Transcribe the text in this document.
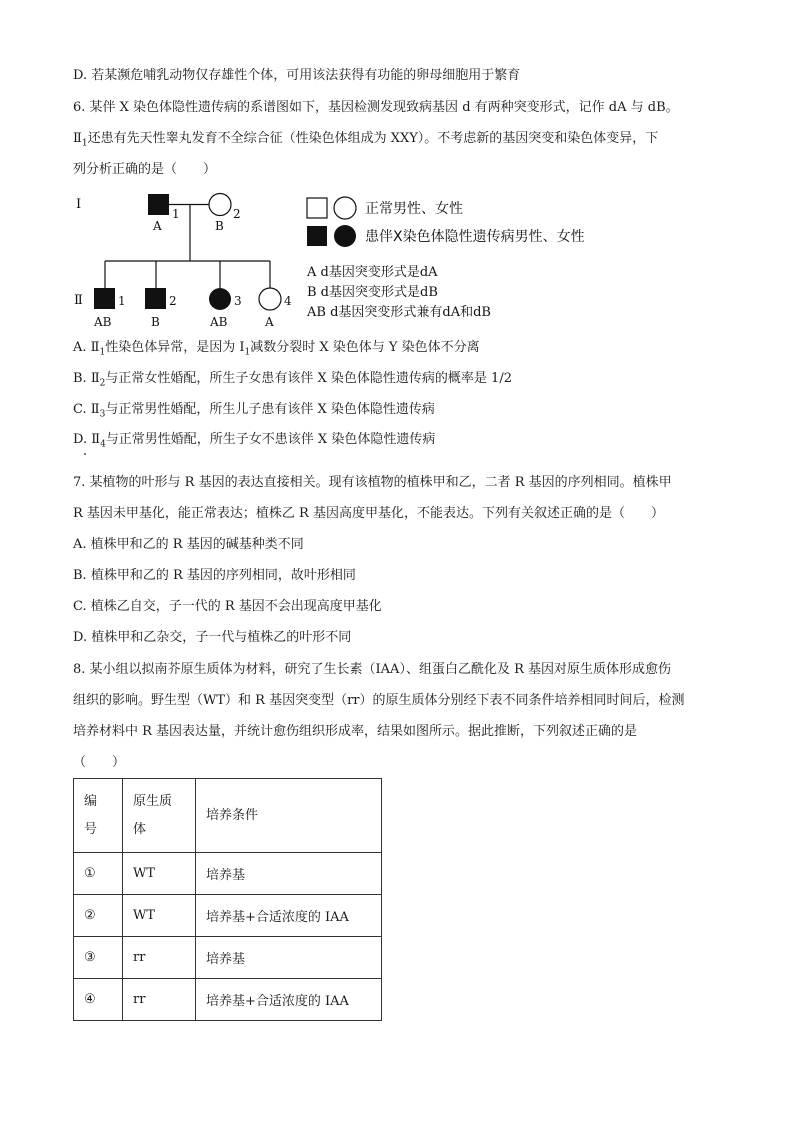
D. 若某濒危哺乳动物仅存雄性个体，可用该法获得有功能的卵母细胞用于繁育
6. 某伴 X 染色体隐性遗传病的系谱图如下，基因检测发现致病基因 d 有两种突变形式，记作 dA 与 dB。
$Ⅱ_1$还患有先天性睾丸发育不全综合征（性染色体组成为 XXY）。不考虑新的基因突变和染色体变异，下
列分析正确的是（　　）
Ⅰ
Ⅱ
1
A
2
B
1
AB
2
B
3
AB
4
A
正常男性、女性
患伴X染色体隐性遗传病男性、女性
A d基因突变形式是dA
B d基因突变形式是dB
AB d基因突变形式兼有dA和dB
A. $Ⅱ_1$性染色体异常，是因为 $Ⅰ_1$减数分裂时 X 染色体与 Y 染色体不分离
B. $Ⅱ_2$与正常女性婚配，所生子女患有该伴 X 染色体隐性遗传病的概率是 1/2
C. $Ⅱ_3$与正常男性婚配，所生儿子患有该伴 X 染色体隐性遗传病
D. $Ⅱ_4$与正常男性婚配，所生子女不患该伴 X 染色体隐性遗传病
7. 某植物的叶形与 R 基因的表达直接相关。现有该植物的植株甲和乙，二者 R 基因的序列相同。植株甲
R 基因未甲基化，能正常表达；植株乙 R 基因高度甲基化，不能表达。下列有关叙述正确的是（　　）
A. 植株甲和乙的 R 基因的碱基种类不同
B. 植株甲和乙的 R 基因的序列相同，故叶形相同
C. 植株乙自交，子一代的 R 基因不会出现高度甲基化
D. 植株甲和乙杂交，子一代与植株乙的叶形不同
8. 某小组以拟南芥原生质体为材料，研究了生长素（IAA）、组蛋白乙酰化及 R 基因对原生质体形成愈伤
组织的影响。野生型（WT）和 R 基因突变型（rr）的原生质体分别经下表不同条件培养相同时间后，检测
培养材料中 R 基因表达量，并统计愈伤组织形成率，结果如图所示。据此推断，下列叙述正确的是
（　　）
编
号	原生质
体	培养条件
①	WT	培养基
②	WT	培养基+合适浓度的 IAA
③	rr	培养基
④	rr	培养基+合适浓度的 IAA
